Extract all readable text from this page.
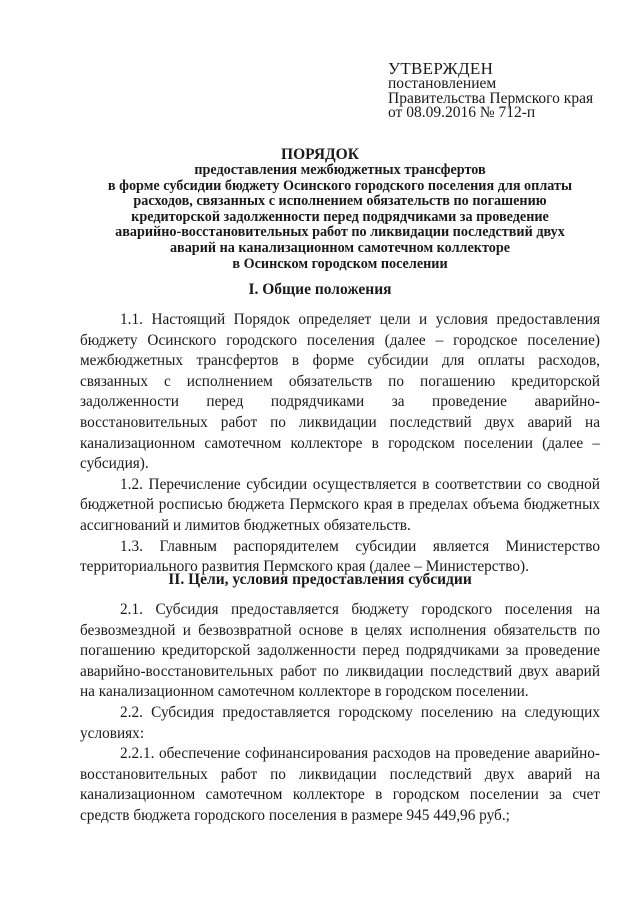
УТВЕРЖДЕН
постановлением
Правительства Пермского края
от 08.09.2016 № 712-п
ПОРЯДОК
предоставления межбюджетных трансфертов
в форме субсидии бюджету Осинского городского поселения для оплаты
расходов, связанных с исполнением обязательств по погашению
кредиторской задолженности перед подрядчиками за проведение
аварийно-восстановительных работ по ликвидации последствий двух
аварий на канализационном самотечном коллекторе
в Осинском городском поселении
I. Общие положения

1.1. Настоящий Порядок определяет цели и условия предоставления бюджету Осинского городского поселения (далее – городское поселение) межбюджетных трансфертов в форме субсидии для оплаты расходов, связанных с исполнением обязательств по погашению кредиторской задолженности перед подрядчиками за проведение аварийно-восстановительных работ по ликвидации последствий двух аварий на канализационном самотечном коллекторе в городском поселении (далее – субсидия).

1.2. Перечисление субсидии осуществляется в соответствии со сводной бюджетной росписью бюджета Пермского края в пределах объема бюджетных ассигнований и лимитов бюджетных обязательств.

1.3. Главным распорядителем субсидии является Министерство территориального развития Пермского края (далее – Министерство).

II. Цели, условия предоставления субсидии

2.1. Субсидия предоставляется бюджету городского поселения на безвозмездной и безвозвратной основе в целях исполнения обязательств по погашению кредиторской задолженности перед подрядчиками за проведение аварийно-восстановительных работ по ликвидации последствий двух аварий на канализационном самотечном коллекторе в городском поселении.

2.2. Субсидия предоставляется городскому поселению на следующих условиях:

2.2.1. обеспечение софинансирования расходов на проведение аварийно-восстановительных работ по ликвидации последствий двух аварий на канализационном самотечном коллекторе в городском поселении за счет средств бюджета городского поселения в размере 945 449,96 руб.;
